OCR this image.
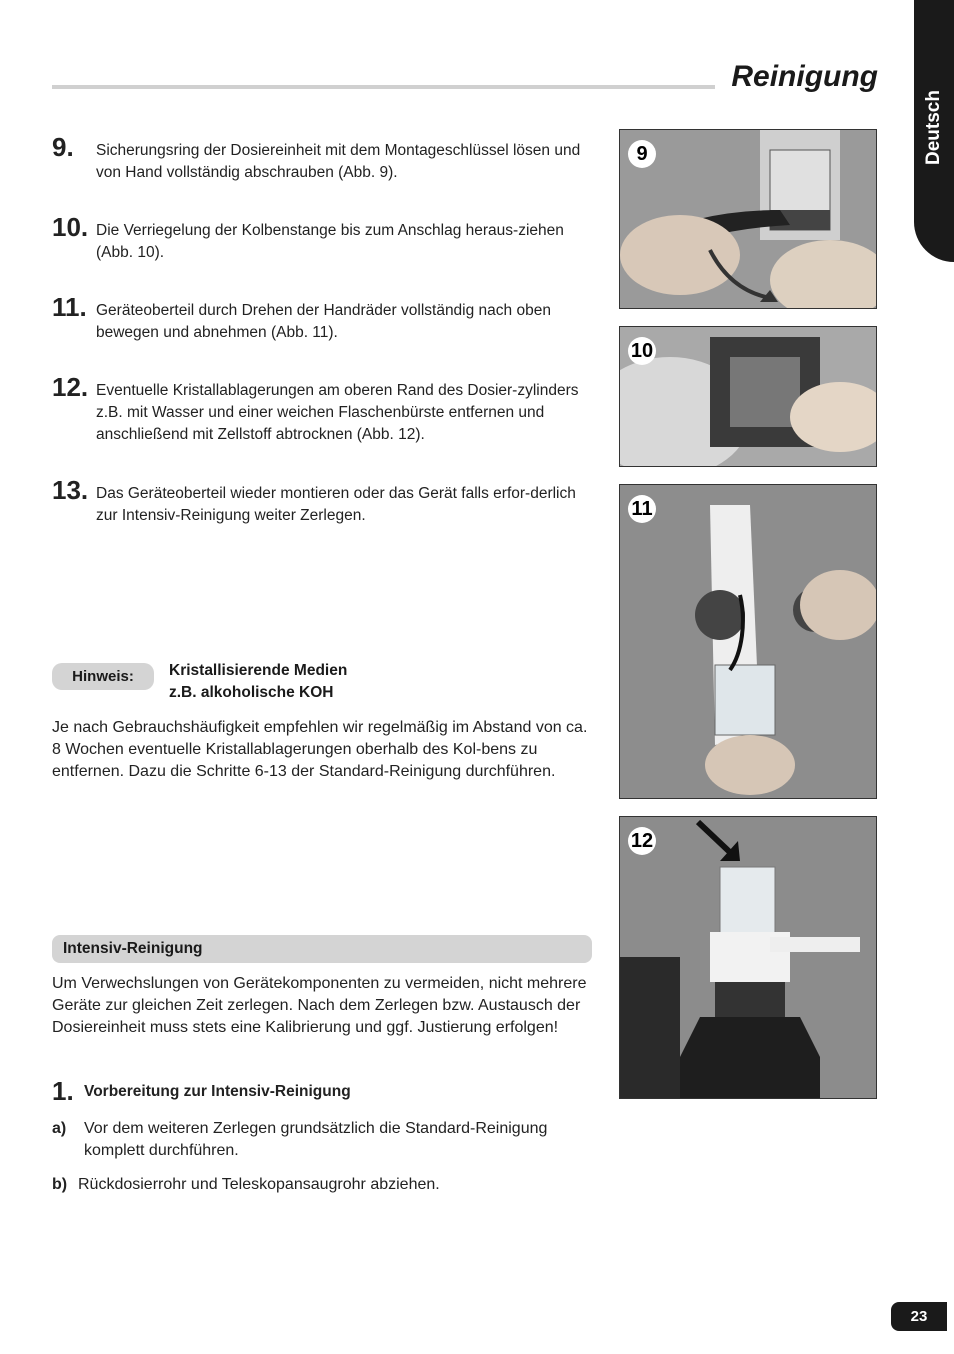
Reinigung
Deutsch
9. Sicherungsring der Dosiereinheit mit dem Montageschlüssel lösen und von Hand vollständig abschrauben (Abb. 9).
10. Die Verriegelung der Kolbenstange bis zum Anschlag heraus-ziehen (Abb. 10).
11. Geräteoberteil durch Drehen der Handräder vollständig nach oben bewegen und abnehmen (Abb. 11).
12. Eventuelle Kristallablagerungen am oberen Rand des Dosier-zylinders z.B. mit Wasser und einer weichen Flaschenbürste entfernen und anschließend mit Zellstoff abtrocknen (Abb. 12).
13. Das Geräteoberteil wieder montieren oder das Gerät falls erfor-derlich zur Intensiv-Reinigung weiter Zerlegen.
Hinweis:	Kristallisierende Medien
z.B. alkoholische KOH
Je nach Gebrauchshäufigkeit empfehlen wir regelmäßig im Abstand von ca. 8 Wochen eventuelle Kristallablagerungen oberhalb des Kol-bens zu entfernen. Dazu die Schritte 6-13 der Standard-Reinigung durchführen.
Intensiv-Reinigung
Um Verwechslungen von Gerätekomponenten zu vermeiden, nicht mehrere Geräte zur gleichen Zeit zerlegen. Nach dem Zerlegen bzw. Austausch der Dosiereinheit muss stets eine Kalibrierung und ggf. Justierung erfolgen!
1. Vorbereitung zur Intensiv-Reinigung
a) Vor dem weiteren Zerlegen grundsätzlich die Standard-Reinigung komplett durchführen.
b) Rückdosierrohr und Teleskopansaugrohr abziehen.
9
10
11
12
23
